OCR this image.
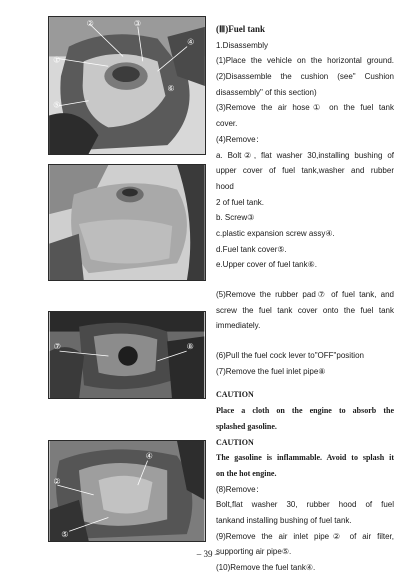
①
②	③
④
⑤
⑥
⑦	⑧
②
④
⑤
(Ⅲ)Fuel tank
1.Disassembly
(1)Place the vehicle on the horizontal ground.
(2)Disassemble the cushion (see" Cushion
disassembly" of this section)
(3)Remove the air hose① on the fuel tank
cover.
(4)Remove：
a. Bolt②, flat washer 30,installing bushing of
upper cover of fuel tank,washer and rubber
hood
2 of fuel tank.
b. Screw③
c.plastic expansion screw assy④.
d.Fuel tank cover⑤.
e.Upper cover of fuel tank⑥.
(5)Remove the rubber pad⑦ of fuel tank, and
screw the fuel tank cover onto the fuel tank
immediately.
(6)Pull the fuel cock lever to"OFF"position
(7)Remove the fuel inlet pipe⑧
CAUTION
Place a cloth on the engine to absorb the
splashed gasoline.
CAUTION
The gasoline is inflammable. Avoid to splash it
on the hot engine.
(8)Remove：
Bolt,flat washer 30, rubber hood of fuel
tankand installing bushing of fuel tank.
(9)Remove the air inlet pipe② of air filter,
supporting air pipe⑤.
(10)Remove the fuel tank④.
– 39 –
